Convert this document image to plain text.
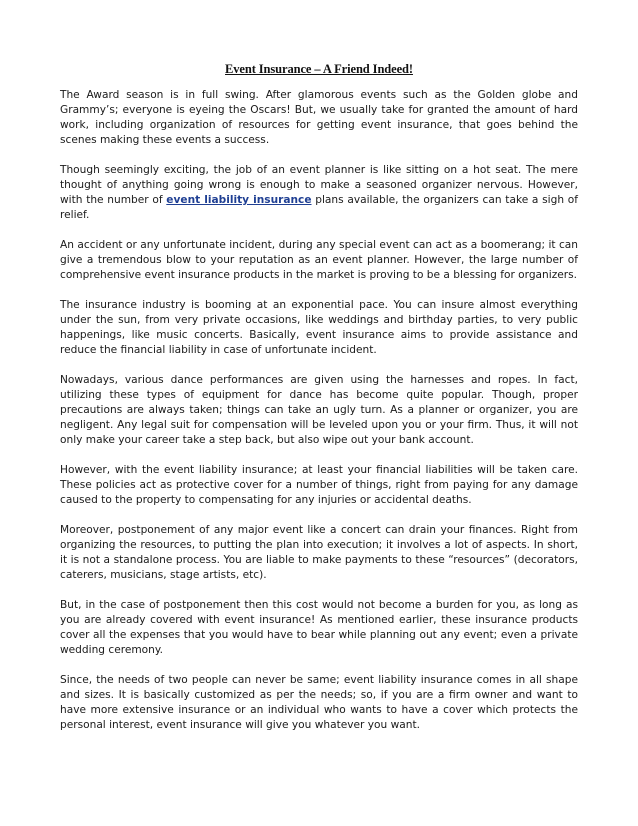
Event Insurance – A Friend Indeed!

The Award season is in full swing. After glamorous events such as the Golden globe and Grammy’s; everyone is eyeing the Oscars! But, we usually take for granted the amount of hard work, including organization of resources for getting event insurance, that goes behind the scenes making these events a success.

Though seemingly exciting, the job of an event planner is like sitting on a hot seat. The mere thought of anything going wrong is enough to make a seasoned organizer nervous. However, with the number of event liability insurance plans available, the organizers can take a sigh of relief.

An accident or any unfortunate incident, during any special event can act as a boomerang; it can give a tremendous blow to your reputation as an event planner. However, the large number of comprehensive event insurance products in the market is proving to be a blessing for organizers.

The insurance industry is booming at an exponential pace. You can insure almost everything under the sun, from very private occasions, like weddings and birthday parties, to very public happenings, like music concerts. Basically, event insurance aims to provide assistance and reduce the financial liability in case of unfortunate incident.

Nowadays, various dance performances are given using the harnesses and ropes. In fact, utilizing these types of equipment for dance has become quite popular. Though, proper precautions are always taken; things can take an ugly turn. As a planner or organizer, you are negligent. Any legal suit for compensation will be leveled upon you or your firm. Thus, it will not only make your career take a step back, but also wipe out your bank account.

However, with the event liability insurance; at least your financial liabilities will be taken care. These policies act as protective cover for a number of things, right from paying for any damage caused to the property to compensating for any injuries or accidental deaths.

Moreover, postponement of any major event like a concert can drain your finances. Right from organizing the resources, to putting the plan into execution; it involves a lot of aspects. In short, it is not a standalone process. You are liable to make payments to these “resources” (decorators, caterers, musicians, stage artists, etc).

But, in the case of postponement then this cost would not become a burden for you, as long as you are already covered with event insurance! As mentioned earlier, these insurance products cover all the expenses that you would have to bear while planning out any event; even a private wedding ceremony.

Since, the needs of two people can never be same; event liability insurance comes in all shape and sizes. It is basically customized as per the needs; so, if you are a firm owner and want to have more extensive insurance or an individual who wants to have a cover which protects the personal interest, event insurance will give you whatever you want.
